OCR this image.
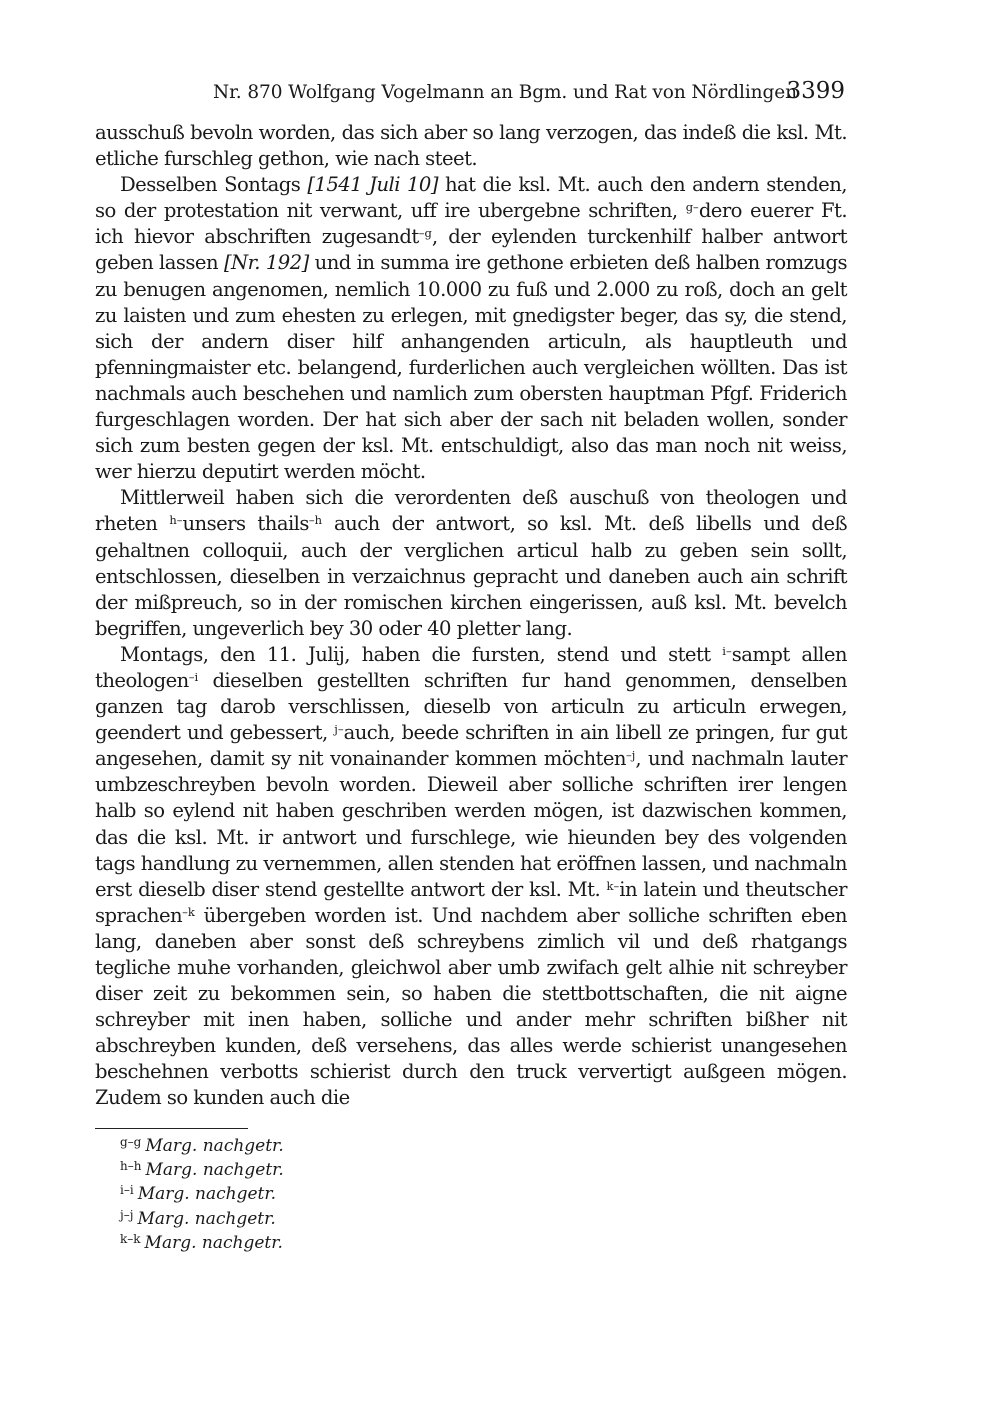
Nr. 870 Wolfgang Vogelmann an Bgm. und Rat von Nördlingen
3399

ausschuß bevoln worden, das sich aber so lang verzogen, das indeß die ksl. Mt. etliche furschleg gethon, wie nach steet.

Desselben Sontags [1541 Juli 10] hat die ksl. Mt. auch den andern stenden, so der protestation nit verwant, uff ire ubergebne schriften, $^{g-}$dero euerer Ft. ich hievor abschriften zugesandt$^{-g}$, der eylenden turckenhilf halber antwort geben lassen [Nr. 192] und in summa ire gethone erbieten deß halben romzugs zu benugen angenomen, nemlich 10.000 zu fuß und 2.000 zu roß, doch an gelt zu laisten und zum ehesten zu erlegen, mit gnedigster beger, das sy, die stend, sich der andern diser hilf anhangenden articuln, als hauptleuth und pfenningmaister etc. belangend, furderlichen auch vergleichen wöllten. Das ist nachmals auch beschehen und namlich zum obersten hauptman Pfgf. Friderich furgeschlagen worden. Der hat sich aber der sach nit beladen wollen, sonder sich zum besten gegen der ksl. Mt. entschuldigt, also das man noch nit weiss, wer hierzu deputirt werden möcht.

Mittlerweil haben sich die verordenten deß auschuß von theologen und rheten $^{h-}$unsers thails$^{-h}$ auch der antwort, so ksl. Mt. deß libells und deß gehaltnen colloquii, auch der verglichen articul halb zu geben sein sollt, entschlossen, dieselben in verzaichnus gepracht und daneben auch ain schrift der mißpreuch, so in der romischen kirchen eingerissen, auß ksl. Mt. bevelch begriffen, ungeverlich bey 30 oder 40 pletter lang.

Montags, den 11. Julij, haben die fursten, stend und stett $^{i-}$sampt allen theologen$^{-i}$ dieselben gestellten schriften fur hand genommen, denselben ganzen tag darob verschlissen, dieselb von articuln zu articuln erwegen, geendert und gebessert, $^{j-}$auch, beede schriften in ain libell ze pringen, fur gut angesehen, damit sy nit vonainander kommen möchten$^{-j}$, und nachmaln lauter umbzeschreyben bevoln worden. Dieweil aber solliche schriften irer lengen halb so eylend nit haben geschriben werden mögen, ist dazwischen kommen, das die ksl. Mt. ir antwort und furschlege, wie hieunden bey des volgenden tags handlung zu vernemmen, allen stenden hat eröffnen lassen, und nachmaln erst dieselb diser stend gestellte antwort der ksl. Mt. $^{k-}$in latein und theutscher sprachen$^{-k}$ übergeben worden ist. Und nachdem aber solliche schriften eben lang, daneben aber sonst deß schreybens zimlich vil und deß rhatgangs tegliche muhe vorhanden, gleichwol aber umb zwifach gelt alhie nit schreyber diser zeit zu bekommen sein, so haben die stettbottschaften, die nit aigne schreyber mit inen haben, solliche und ander mehr schriften bißher nit abschreyben kunden, deß versehens, das alles werde schierist unangesehen beschehnen verbotts schierist durch den truck ververtigt außgeen mögen. Zudem so kunden auch die

$^{g-g}$ Marg. nachgetr.
$^{h-h}$ Marg. nachgetr.
$^{i-i}$ Marg. nachgetr.
$^{j-j}$ Marg. nachgetr.
$^{k-k}$ Marg. nachgetr.
